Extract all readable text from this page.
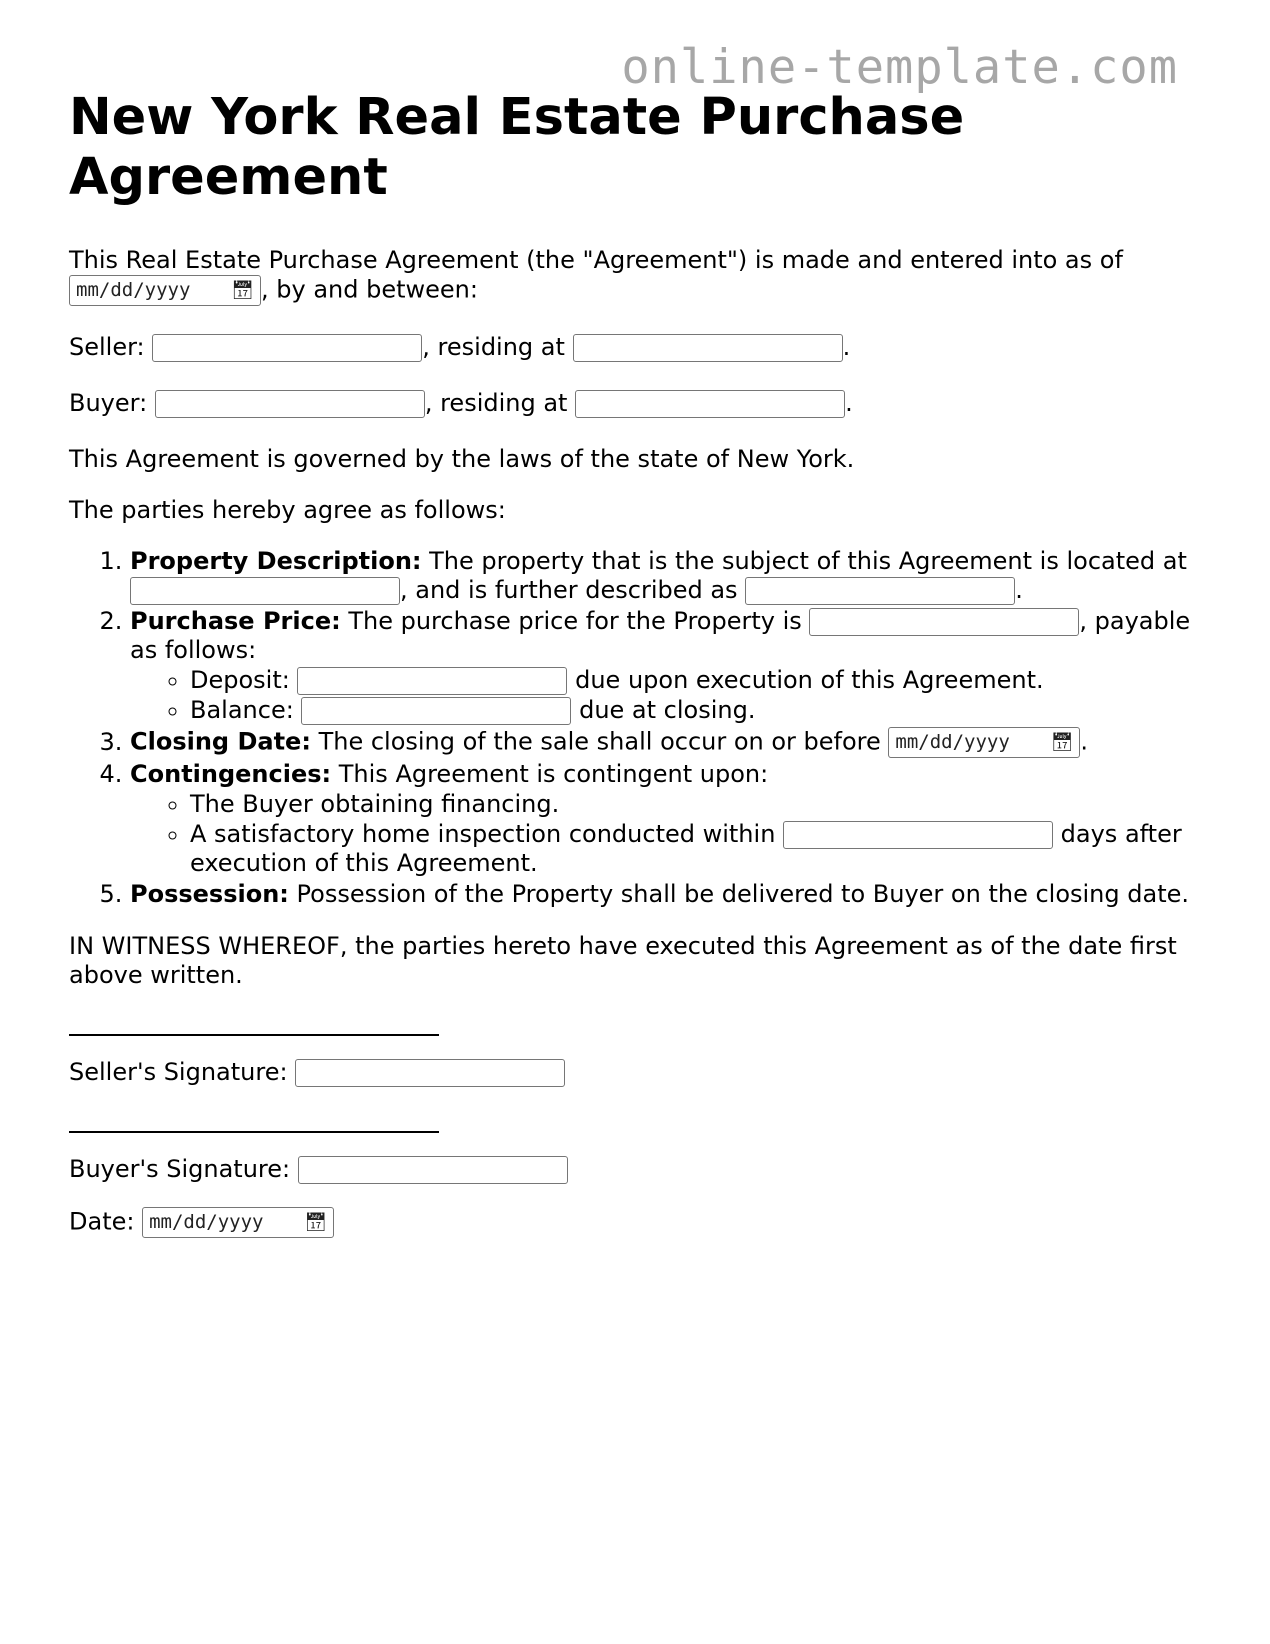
online-template.com
New York Real Estate Purchase Agreement

This Real Estate Purchase Agreement (the "Agreement") is made and entered into as of

mm/dd/yyyy 📅︎ , by and between:

Seller:	, residing at	.

Buyer:	, residing at	.

This Agreement is governed by the laws of the state of New York.

The parties hereby agree as follows:

1. Property Description: The property that is the subject of this Agreement is located at , and is further described as	.
2. Purchase Price: The purchase price for the Property is	, payable as follows:
◦ Deposit:	due upon execution of this Agreement.
◦ Balance:	due at closing.
3. Closing Date: The closing of the sale shall occur on or before mm/dd/yyyy 📅︎ .
4. Contingencies: This Agreement is contingent upon:
◦ The Buyer obtaining financing.
◦ A satisfactory home inspection conducted within	days after execution of this Agreement.
5. Possession: Possession of the Property shall be delivered to Buyer on the closing date.

IN WITNESS WHEREOF, the parties hereto have executed this Agreement as of the date first above written.

Seller's Signature:

Buyer's Signature:

Date: mm/dd/yyyy 📅︎
